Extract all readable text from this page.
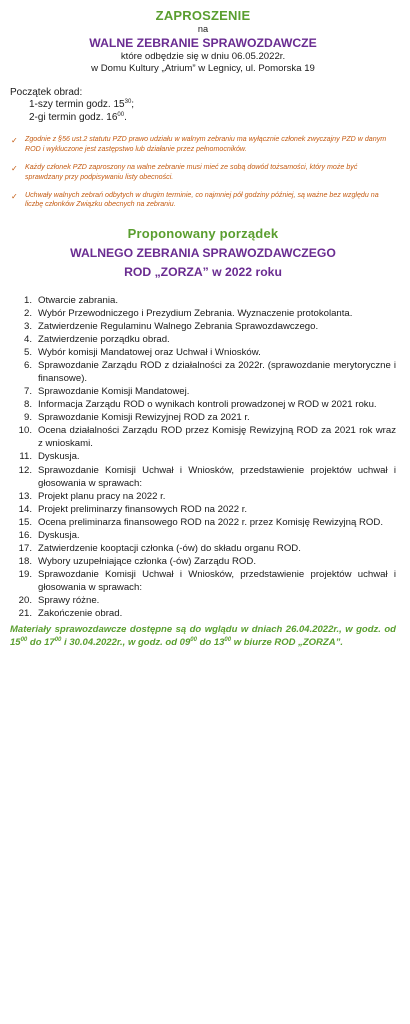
ZAPROSZENIE
na
WALNE ZEBRANIE SPRAWOZDAWCZE
które odbędzie się w dniu 06.05.2022r.
w Domu Kultury „Atrium” w Legnicy, ul. Pomorska 19
Początek obrad:
1-szy termin godz. $15^{30}$;
2-gi termin godz. $16^{00}$.
✓	Zgodnie z §56 ust.2 statutu PZD prawo udziału w walnym zebraniu ma wyłącznie członek zwyczajny PZD w danym ROD i wykluczone jest zastępstwo lub działanie przez pełnomocników.
✓	Każdy członek PZD zaproszony na walne zebranie musi mieć ze sobą dowód tożsamości, który może być sprawdzany przy podpisywaniu listy obecności.
✓	Uchwały walnych zebrań odbytych w drugim terminie, co najmniej pół godziny później, są ważne bez względu na liczbę członków Związku obecnych na zebraniu.
Proponowany porządek
WALNEGO ZEBRANIA SPRAWOZDAWCZEGO
ROD „ZORZA” w 2022 roku
1. Otwarcie zabrania.
2. Wybór Przewodniczego i Prezydium Zebrania. Wyznaczenie protokolanta.
3. Zatwierdzenie Regulaminu Walnego Zebrania Sprawozdawczego.
4. Zatwierdzenie porządku obrad.
5. Wybór komisji Mandatowej oraz Uchwał i Wniosków.
6. Sprawozdanie Zarządu ROD z działalności za 2022r. (sprawozdanie merytoryczne i finansowe).
7. Sprawozdanie Komisji Mandatowej.
8. Informacja Zarządu ROD o wynikach kontroli prowadzonej w ROD w 2021 roku.
9. Sprawozdanie Komisji Rewizyjnej ROD za 2021 r.
10. Ocena działalności Zarządu ROD przez Komisję Rewizyjną ROD za 2021 rok wraz z wnioskami.
11. Dyskusja.
12. Sprawozdanie Komisji Uchwał i Wniosków, przedstawienie projektów uchwał i głosowania w sprawach:
13. Projekt planu pracy na 2022 r.
14. Projekt preliminarzy finansowych ROD na 2022 r.
15. Ocena preliminarza finansowego ROD na 2022 r. przez Komisję Rewizyjną ROD.
16. Dyskusja.
17. Zatwierdzenie kooptacji członka (-ów) do składu organu ROD.
18. Wybory uzupełniające członka (-ów) Zarządu ROD.
19. Sprawozdanie Komisji Uchwał i Wniosków, przedstawienie projektów uchwał i głosowania w sprawach:
20. Sprawy różne.
21. Zakończenie obrad.
Materiały sprawozdawcze dostępne są do wglądu w dniach 26.04.2022r., w godz. od $15^{00}$ do $17^{00}$ i 30.04.2022r., w godz. od $09^{00}$ do $13^{00}$ w biurze ROD „ZORZA”.
